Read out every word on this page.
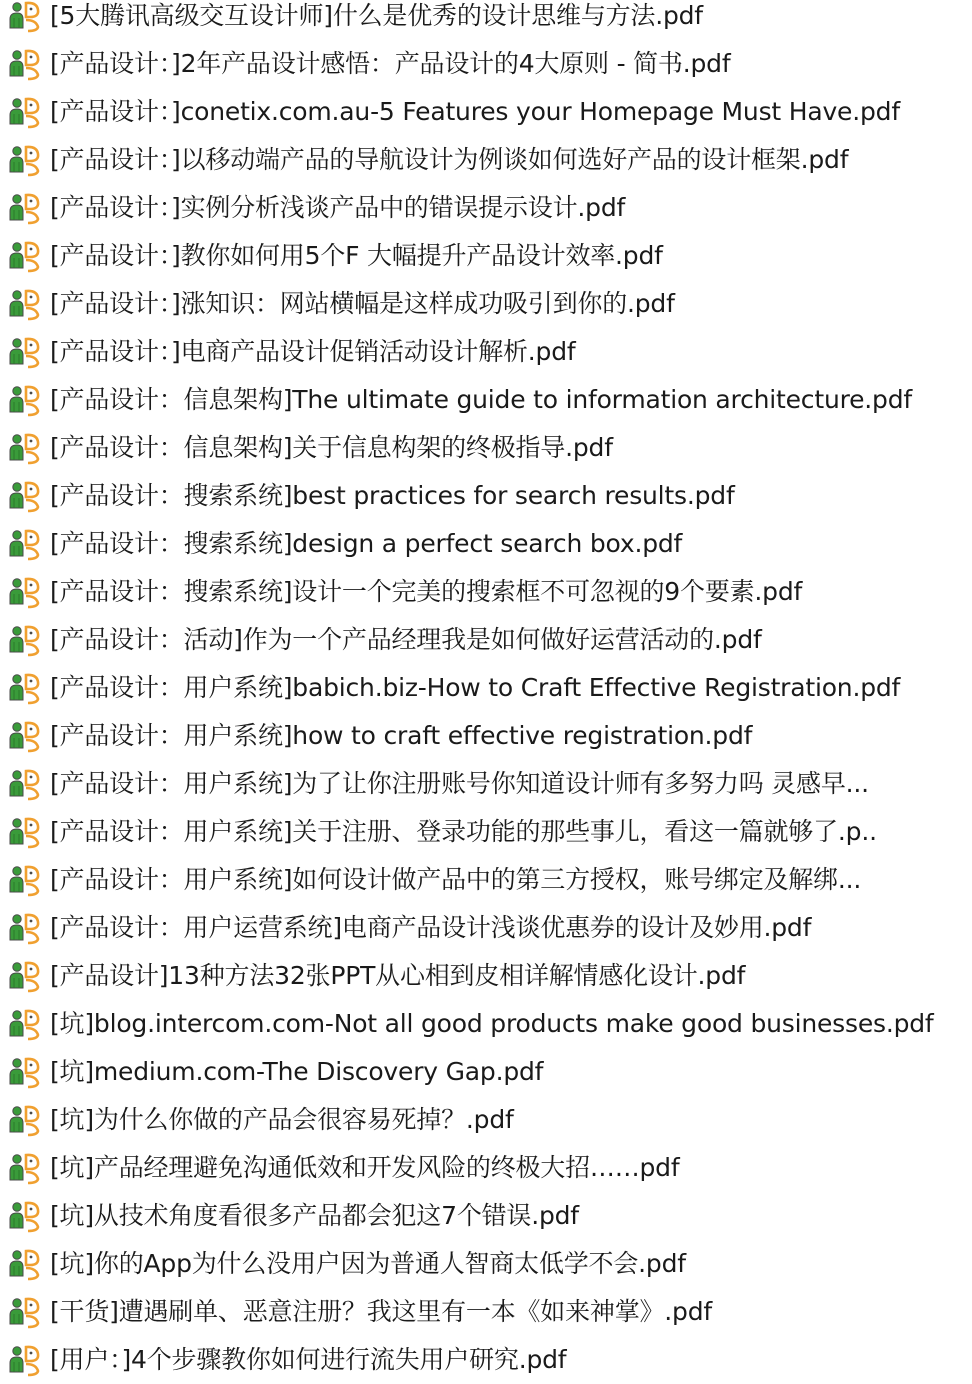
[5大腾讯高级交互设计师]什么是优秀的设计思维与方法.pdf
[产品设计：]2年产品设计感悟：产品设计的4大原则 - 简书.pdf
[产品设计：]conetix.com.au-5 Features your Homepage Must Have.pdf
[产品设计：]以移动端产品的导航设计为例谈如何选好产品的设计框架.pdf
[产品设计：]实例分析浅谈产品中的错误提示设计.pdf
[产品设计：]教你如何用5个F 大幅提升产品设计效率.pdf
[产品设计：]涨知识：网站横幅是这样成功吸引到你的.pdf
[产品设计：]电商产品设计促销活动设计解析.pdf
[产品设计：信息架构]The ultimate guide to information architecture.pdf
[产品设计：信息架构]关于信息构架的终极指导.pdf
[产品设计：搜索系统]best practices for search results.pdf
[产品设计：搜索系统]design a perfect search box.pdf
[产品设计：搜索系统]设计一个完美的搜索框不可忽视的9个要素.pdf
[产品设计：活动]作为一个产品经理我是如何做好运营活动的.pdf
[产品设计：用户系统]babich.biz-How to Craft Effective Registration.pdf
[产品设计：用户系统]how to craft effective registration.pdf
[产品设计：用户系统]为了让你注册账号你知道设计师有多努力吗 灵感早...
[产品设计：用户系统]关于注册、登录功能的那些事儿，看这一篇就够了.p..
[产品设计：用户系统]如何设计做产品中的第三方授权，账号绑定及解绑...
[产品设计：用户运营系统]电商产品设计浅谈优惠券的设计及妙用.pdf
[产品设计]13种方法32张PPT从心相到皮相详解情感化设计.pdf
[坑]blog.intercom.com-Not all good products make good businesses.pdf
[坑]medium.com-The Discovery Gap.pdf
[坑]为什么你做的产品会很容易死掉？.pdf
[坑]产品经理避免沟通低效和开发风险的终极大招……pdf
[坑]从技术角度看很多产品都会犯这7个错误.pdf
[坑]你的App为什么没用户因为普通人智商太低学不会.pdf
[干货]遭遇刷单、恶意注册？我这里有一本《如来神掌》.pdf
[用户：]4个步骤教你如何进行流失用户研究.pdf
